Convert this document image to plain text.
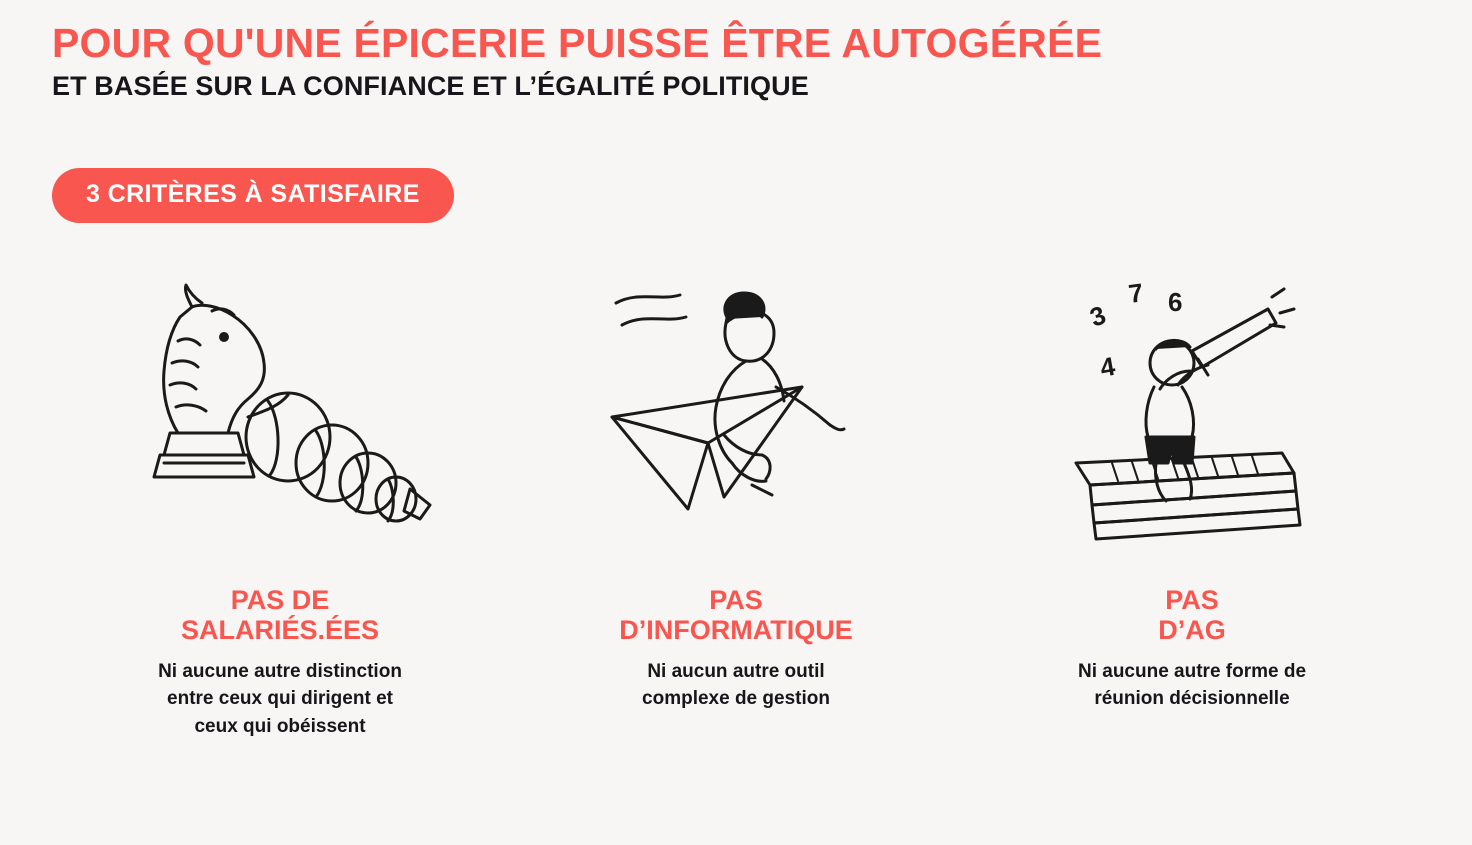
POUR QU'UNE ÉPICERIE PUISSE ÊTRE AUTOGÉRÉE
ET BASÉE SUR LA CONFIANCE ET L’ÉGALITÉ POLITIQUE
3 CRITÈRES À SATISFAIRE
PAS DE
SALARIÉS.ÉES
Ni aucune autre distinction
entre ceux qui dirigent et
ceux qui obéissent
PAS
D’INFORMATIQUE
Ni aucun autre outil
complexe de gestion
3
7 6
4
PAS
D’AG
Ni aucune autre forme de
réunion décisionnelle
